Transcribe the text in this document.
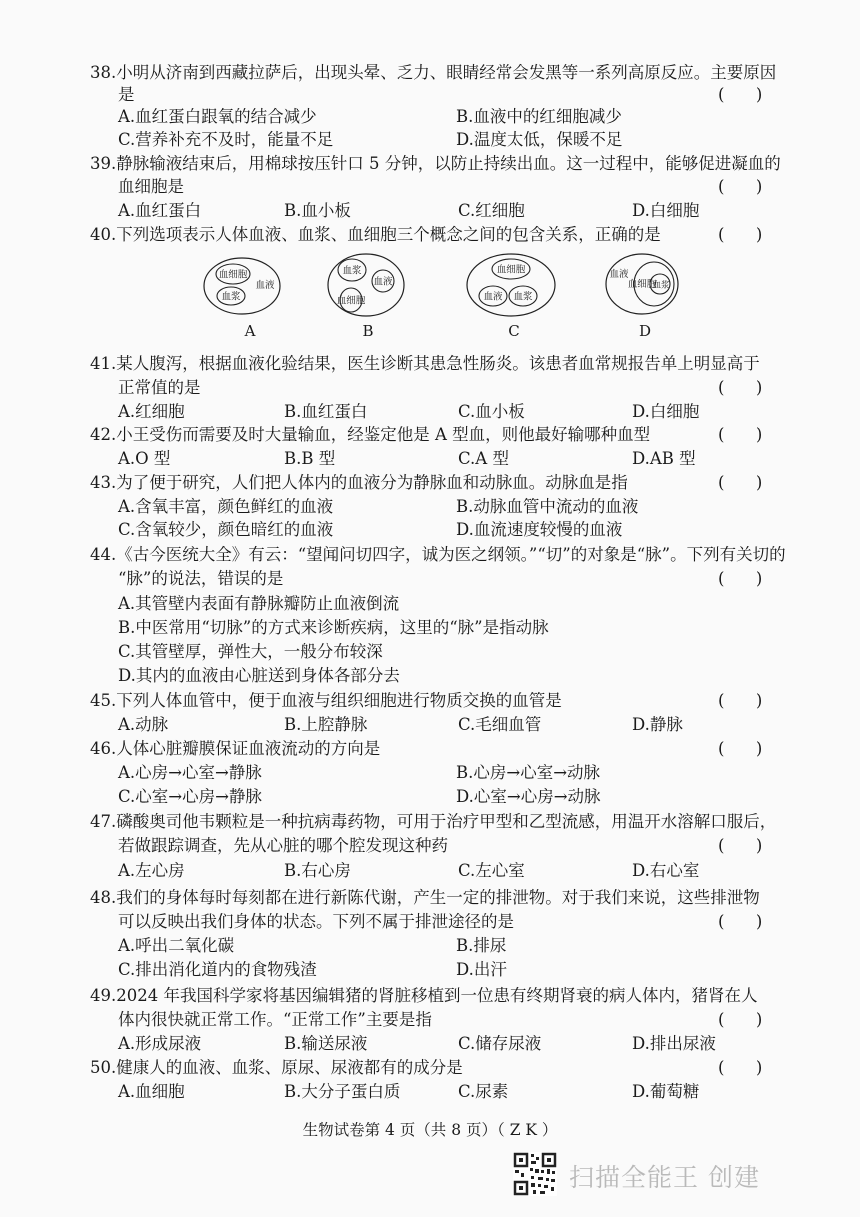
38.小明从济南到西藏拉萨后，出现头晕、乏力、眼睛经常会发黑等一系列高原反应。主要原因
是	(      )
A.血红蛋白跟氧的结合减少	B.血液中的红细胞减少
C.营养补充不及时，能量不足	D.温度太低，保暖不足
39.静脉输液结束后，用棉球按压针口 5 分钟，以防止持续出血。这一过程中，能够促进凝血的
血细胞是	(      )
A.血红蛋白	B.血小板	C.红细胞	D.白细胞
40.下列选项表示人体血液、血浆、血细胞三个概念之间的包含关系，正确的是	(      )
血细胞
血浆
血液
A
血浆
血液
血细胞
B
血细胞
血液 血浆
C
血液
血细胞
血浆
D
41.某人腹泻，根据血液化验结果，医生诊断其患急性肠炎。该患者血常规报告单上明显高于
正常值的是	(      )
A.红细胞	B.血红蛋白	C.血小板	D.白细胞
42.小王受伤而需要及时大量输血，经鉴定他是 A 型血，则他最好输哪种血型	(      )
A.O 型	B.B 型	C.A 型	D.AB 型
43.为了便于研究，人们把人体内的血液分为静脉血和动脉血。动脉血是指	(      )
A.含氧丰富，颜色鲜红的血液	B.动脉血管中流动的血液
C.含氧较少，颜色暗红的血液	D.血流速度较慢的血液
44.《古今医统大全》有云：“望闻问切四字，诚为医之纲领。”“切”的对象是“脉”。下列有关切的
“脉”的说法，错误的是	(      )
A.其管壁内表面有静脉瓣防止血液倒流
B.中医常用“切脉”的方式来诊断疾病，这里的“脉”是指动脉
C.其管壁厚，弹性大，一般分布较深
D.其内的血液由心脏送到身体各部分去
45.下列人体血管中，便于血液与组织细胞进行物质交换的血管是	(      )
A.动脉	B.上腔静脉	C.毛细血管	D.静脉
46.人体心脏瓣膜保证血液流动的方向是	(      )
A.心房→心室→静脉	B.心房→心室→动脉
C.心室→心房→静脉	D.心室→心房→动脉
47.磷酸奥司他韦颗粒是一种抗病毒药物，可用于治疗甲型和乙型流感，用温开水溶解口服后，
若做跟踪调查，先从心脏的哪个腔发现这种药	(      )
A.左心房	B.右心房	C.左心室	D.右心室
48.我们的身体每时每刻都在进行新陈代谢，产生一定的排泄物。对于我们来说，这些排泄物
可以反映出我们身体的状态。下列不属于排泄途径的是	(      )
A.呼出二氧化碳	B.排尿
C.排出消化道内的食物残渣	D.出汗
49.2024 年我国科学家将基因编辑猪的肾脏移植到一位患有终期肾衰的病人体内，猪肾在人
体内很快就正常工作。“正常工作”主要是指	(      )
A.形成尿液	B.输送尿液	C.储存尿液	D.排出尿液
50.健康人的血液、血浆、原尿、尿液都有的成分是	(      )
A.血细胞	B.大分子蛋白质	C.尿素	D.葡萄糖
生物试卷第 4 页（共 8 页）（ Z K ）
扫描全能王 创建
